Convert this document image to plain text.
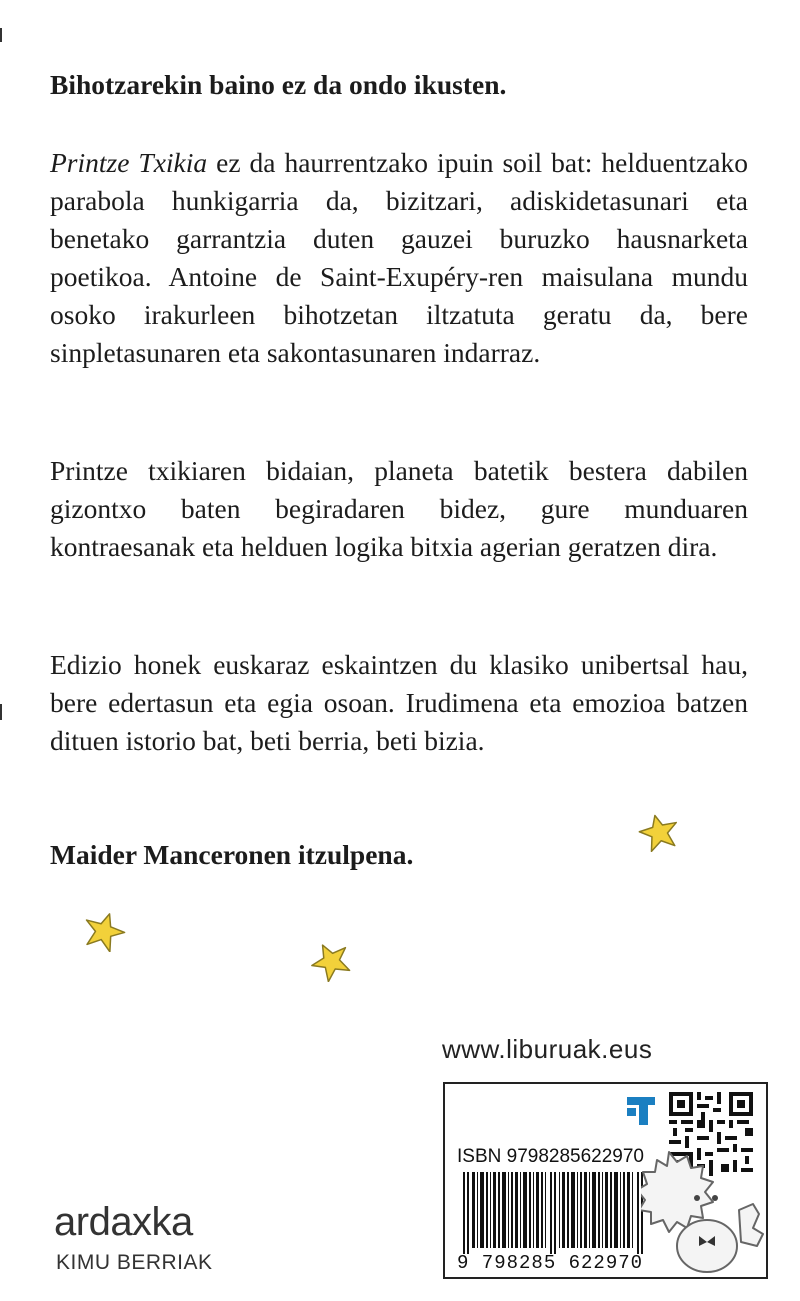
Bihotzarekin baino ez da ondo ikusten.
Printze Txikia ez da haurrentzako ipuin soil bat: helduentzako parabola hunkigarria da, bizitzari, adiskidetasunari eta benetako garrantzia duten gauzei buruzko hausnarketa poetikoa. Antoine de Saint-Exupéry-ren maisulana mundu osoko irakurleen bihotzetan iltzatuta geratu da, bere sinpletasunaren eta sakontasunaren indarraz.
Printze txikiaren bidaian, planeta batetik bestera dabilen gizontxo baten begiradaren bidez, gure munduaren kontraesanak eta helduen logika bitxia agerian geratzen dira.
Edizio honek euskaraz eskaintzen du klasiko unibertsal hau, bere edertasun eta egia osoan. Irudimena eta emozioa batzen dituen istorio bat, beti berria, beti bizia.
Maider Manceronen itzulpena.
www.liburuak.eus
ISBN 9798285622970
9 798285 622970
ardaxka
KIMU BERRIAK
